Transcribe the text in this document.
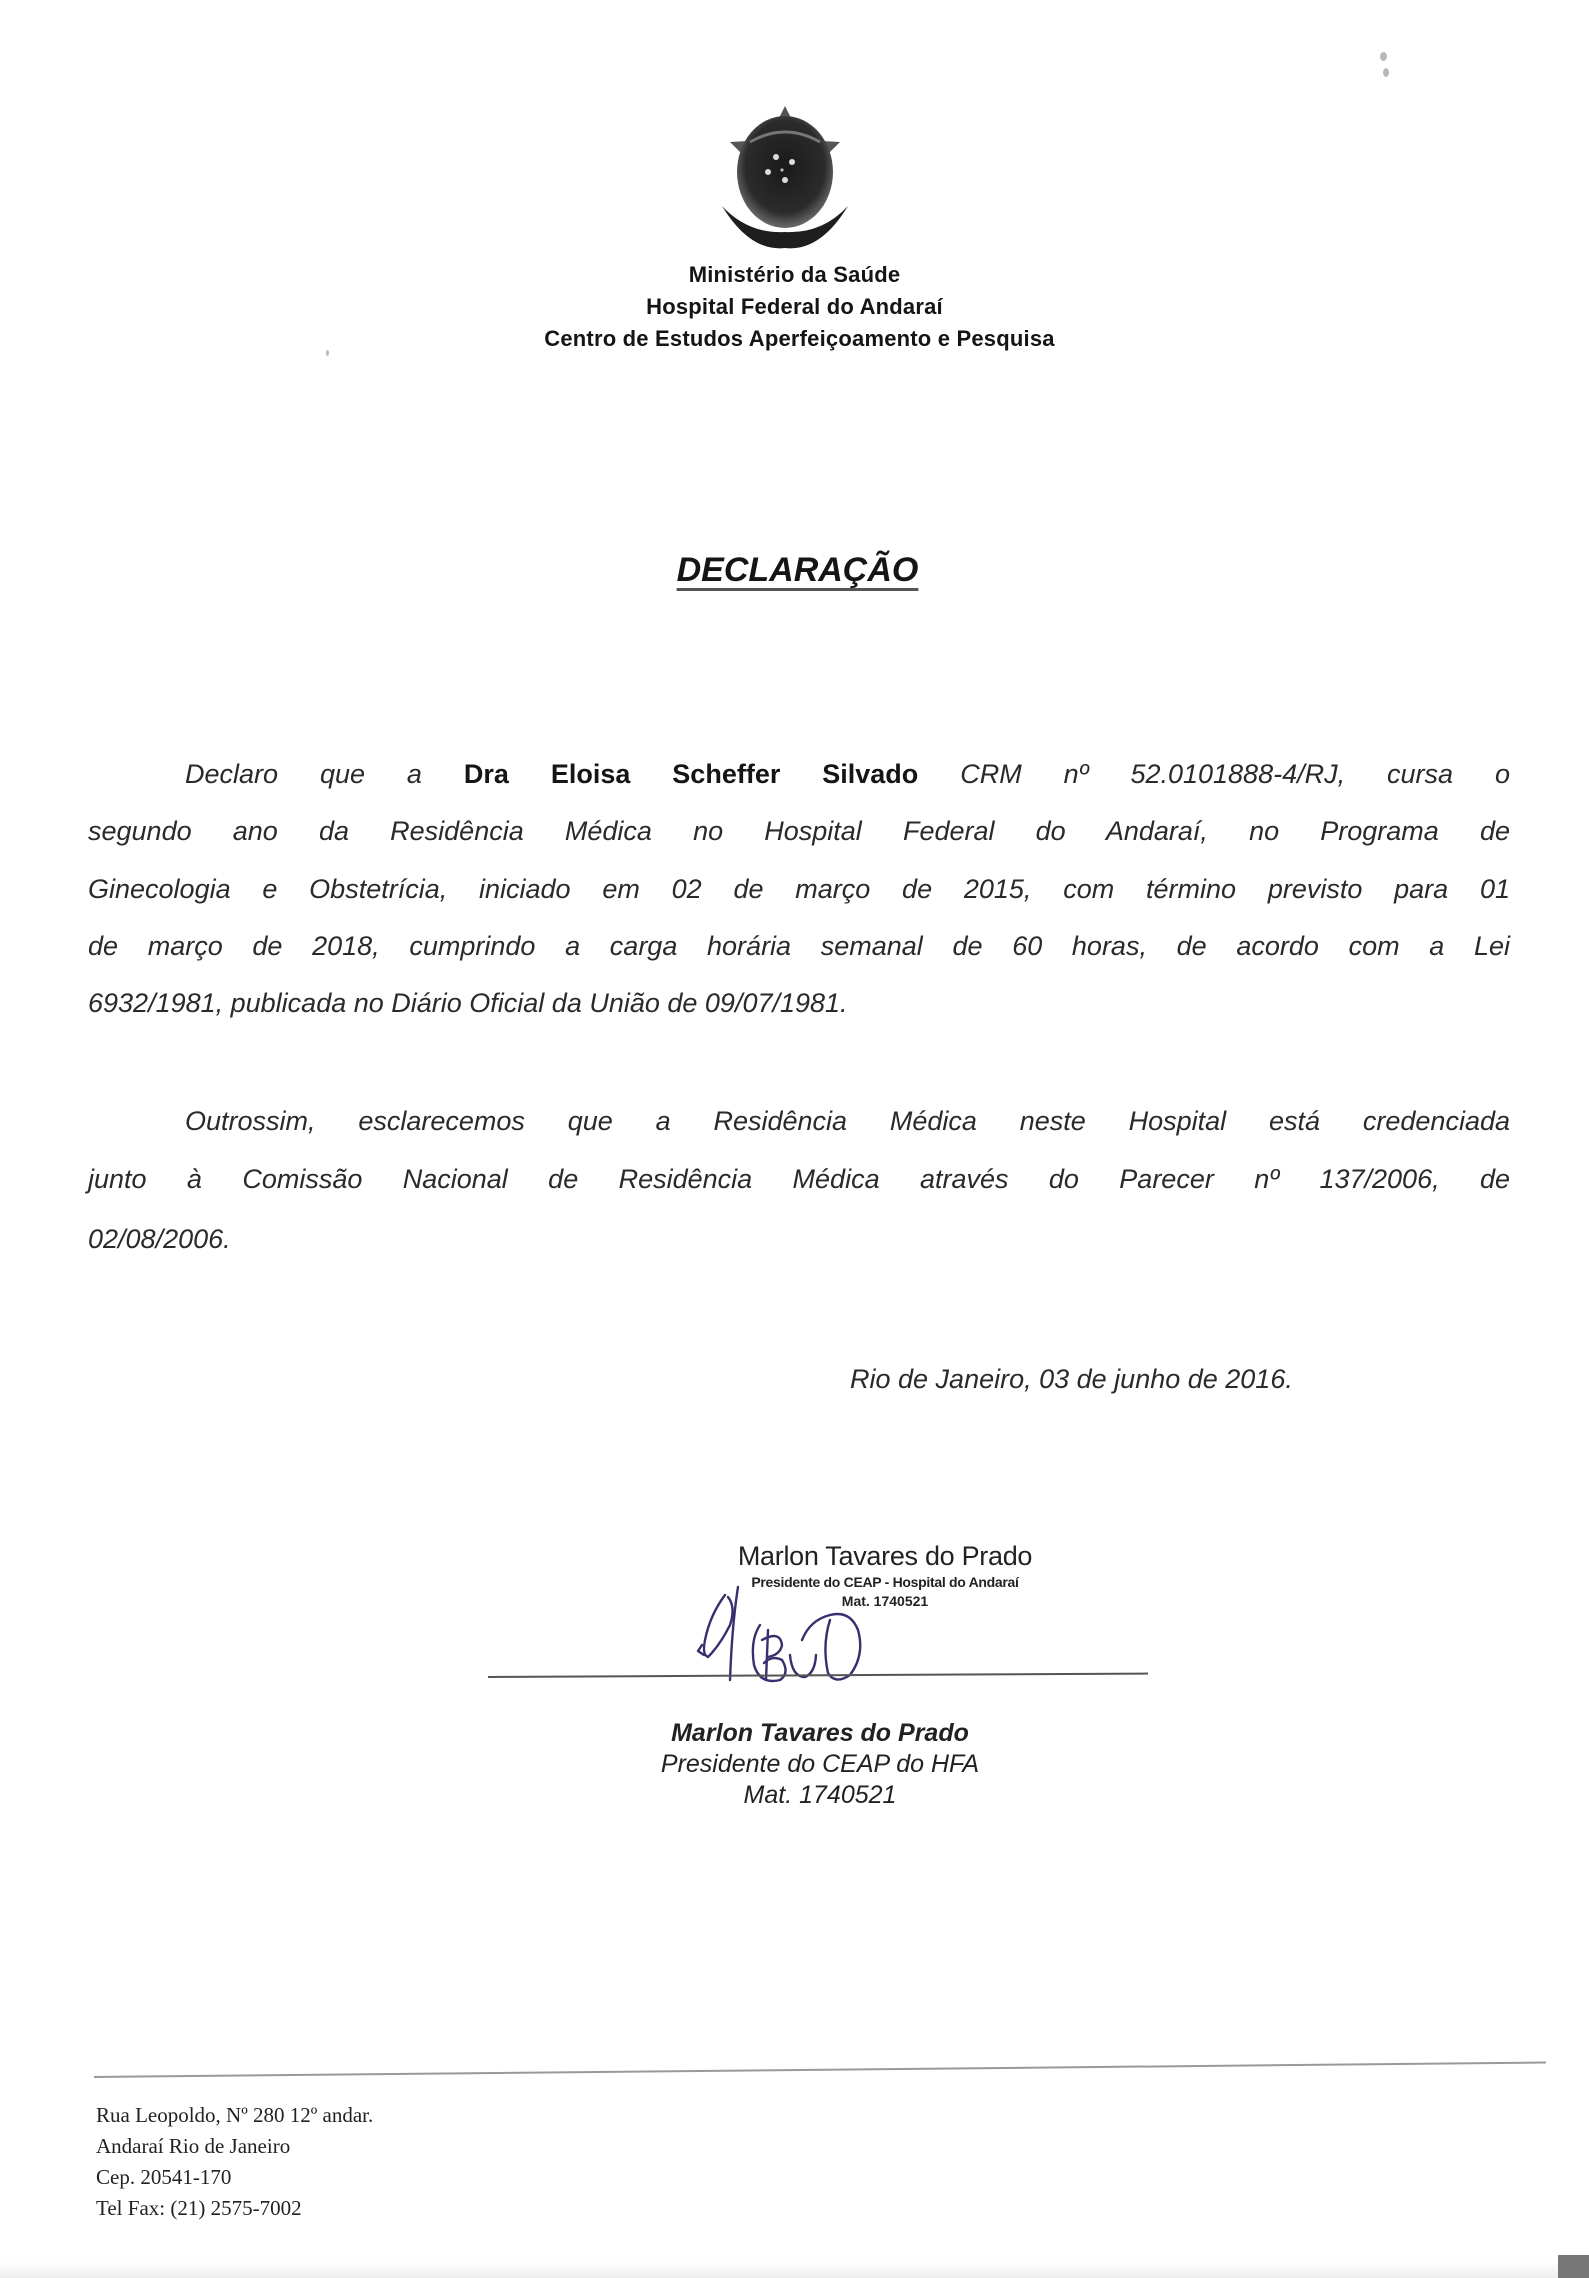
Ministério da Saúde
Hospital Federal do Andaraí
Centro de Estudos Aperfeiçoamento e Pesquisa
DECLARAÇÃO
Declaro que a Dra Eloisa Scheffer Silvado CRM nº 52.0101888-4/RJ, cursa o
segundo ano da Residência Médica no Hospital Federal do Andaraí, no Programa de
Ginecologia e Obstetrícia, iniciado em 02 de março de 2015, com término previsto para 01
de março de 2018, cumprindo a carga horária semanal de 60 horas, de acordo com a Lei
6932/1981, publicada no Diário Oficial da União de 09/07/1981.
Outrossim, esclarecemos que a Residência Médica neste Hospital está credenciada
junto à Comissão Nacional de Residência Médica através do Parecer nº 137/2006, de
02/08/2006.
Rio de Janeiro, 03 de junho de 2016.
Marlon Tavares do Prado
Presidente do CEAP - Hospital do Andaraí
Mat. 1740521
Marlon Tavares do Prado
Presidente do CEAP do HFA
Mat. 1740521
Rua Leopoldo, Nº 280 12º andar.
Andaraí Rio de Janeiro
Cep. 20541-170
Tel Fax: (21) 2575-7002
